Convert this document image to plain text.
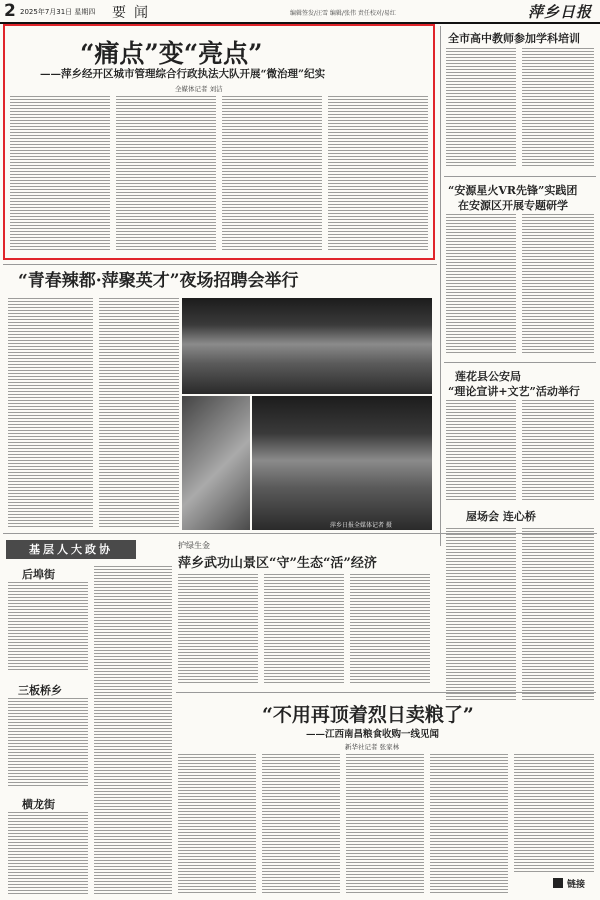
2 2025年7月31日 星期四 要闻	编辑签发/汪雪 编辑/张伟 责任校对/易红	萍乡日报
“痛点”变“亮点”
——萍乡经开区城市管理综合行政执法大队开展“微治理”纪实
全媒体记者 刘洁
全市高中教师参加学科培训
“安源星火VR先锋”实践团
在安源区开展专题研学
莲花县公安局
“理论宣讲+文艺”活动举行
“青春辣都·萍聚英才”夜场招聘会举行
萍乡日报全媒体记者 摄
基层人大政协
后埠街
三板桥乡
横龙街
护绿生金
萍乡武功山景区“守”生态“活”经济
屋场会 连心桥
“不用再顶着烈日卖粮了”
——江西南昌粮食收购一线见闻
新华社记者 张家林
链接
